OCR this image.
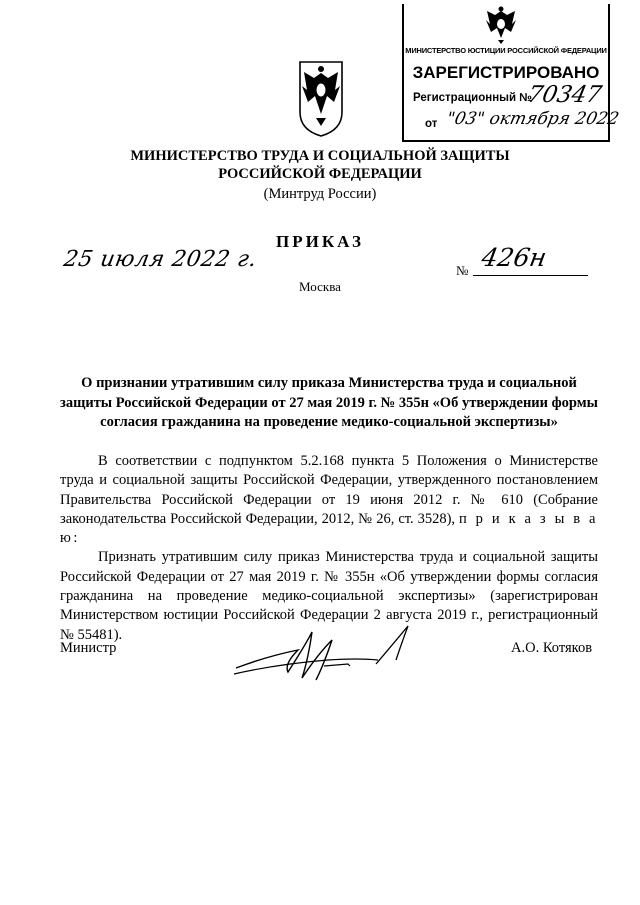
МИНИСТЕРСТВО ЮСТИЦИИ РОССИЙСКОЙ ФЕДЕРАЦИИ
ЗАРЕГИСТРИРОВАНО
Регистрационный №
70347
от "03" октября 2022
МИНИСТЕРСТВО ТРУДА И СОЦИАЛЬНОЙ ЗАЩИТЫ
РОССИЙСКОЙ ФЕДЕРАЦИИ
(Минтруд России)
ПРИКАЗ
25 июля 2022 г.	№ 426н
Москва
О признании утратившим силу приказа Министерства труда и социальной защиты Российской Федерации от 27 мая 2019 г. № 355н «Об утверждении формы согласия гражданина на проведение медико-социальной экспертизы»

В соответствии с подпунктом 5.2.168 пункта 5 Положения о Министерстве труда и социальной защиты Российской Федерации, утвержденного постановлением Правительства Российской Федерации от 19 июня 2012 г. № 610 (Собрание законодательства Российской Федерации, 2012, № 26, ст. 3528), п р и к а з ы в а ю:

Признать утратившим силу приказ Министерства труда и социальной защиты Российской Федерации от 27 мая 2019 г. № 355н «Об утверждении формы согласия гражданина на проведение медико-социальной экспертизы» (зарегистрирован Министерством юстиции Российской Федерации 2 августа 2019 г., регистрационный № 55481).

Министр	А.О. Котяков
